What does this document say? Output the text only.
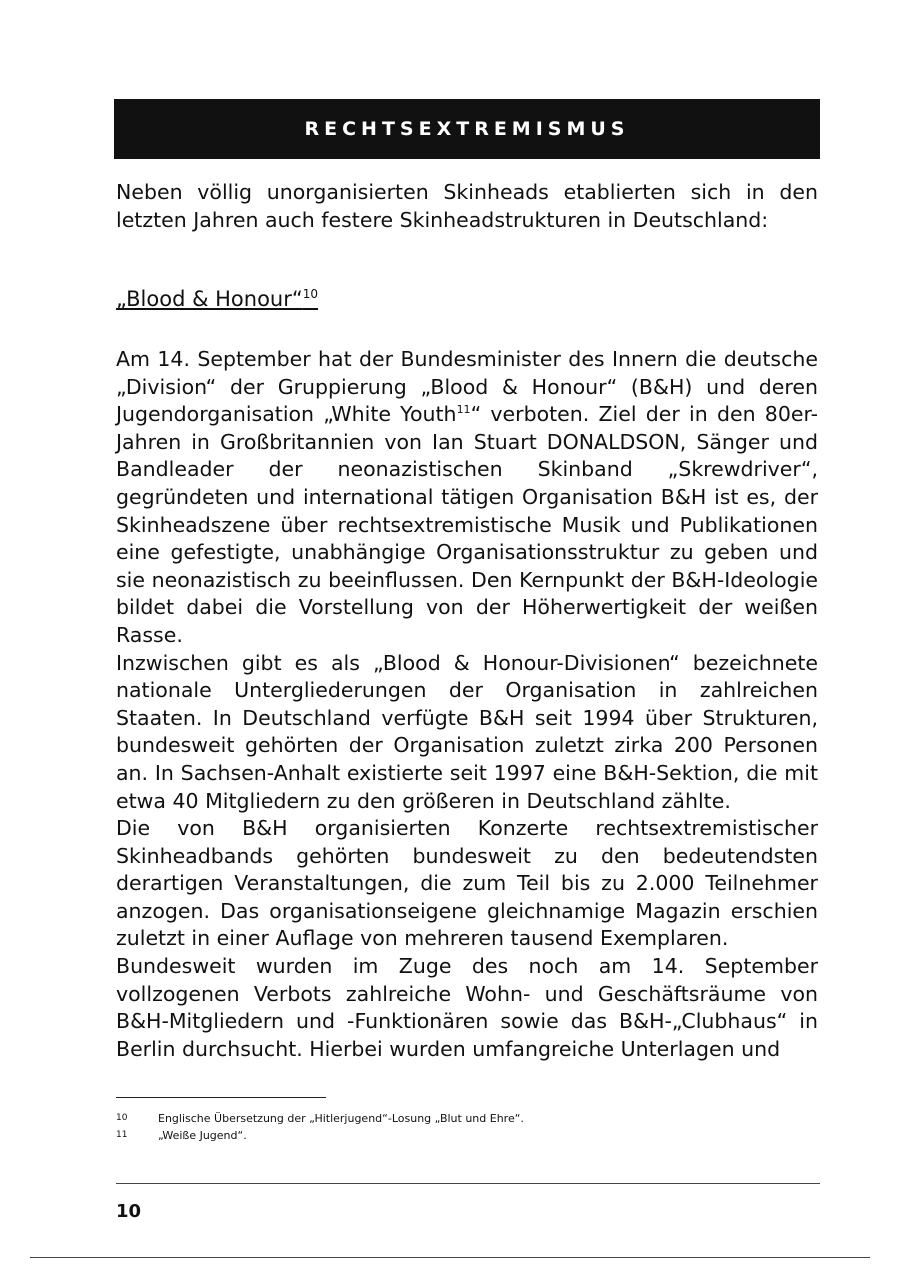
RECHTSEXTREMISMUS

Neben völlig unorganisierten Skinheads etablierten sich in den letzten Jahren auch festere Skinheadstrukturen in Deutschland:

„Blood & Honour“$^{10}$
Am 14. September hat der Bundesminister des Innern die deutsche „Division“ der Gruppierung „Blood & Honour“ (B&H) und deren Jugendorganisation „White Youth$^{11}$“ verboten. Ziel der in den 80er-Jahren in Großbritannien von Ian Stuart DONALDSON, Sänger und Bandleader der neonazistischen Skinband „Skrewdriver“, gegründeten und international tätigen Organisation B&H ist es, der Skinheadszene über rechtsextremistische Musik und Publikationen eine gefestigte, unabhängige Organisationsstruktur zu geben und sie neonazistisch zu beeinflussen. Den Kernpunkt der B&H-Ideologie bildet dabei die Vorstellung von der Höherwertigkeit der weißen Rasse.
Inzwischen gibt es als „Blood & Honour-Divisionen“ bezeichnete nationale Untergliederungen der Organisation in zahlreichen Staaten. In Deutschland verfügte B&H seit 1994 über Strukturen, bundesweit gehörten der Organisation zuletzt zirka 200 Personen an. In Sachsen-Anhalt existierte seit 1997 eine B&H-Sektion, die mit etwa 40 Mitgliedern zu den größeren in Deutschland zählte.
Die von B&H organisierten Konzerte rechtsextremistischer Skinheadbands gehörten bundesweit zu den bedeutendsten derartigen Veranstaltungen, die zum Teil bis zu 2.000 Teilnehmer anzogen. Das organisationseigene gleichnamige Magazin erschien zuletzt in einer Auflage von mehreren tausend Exemplaren.
Bundesweit wurden im Zuge des noch am 14. September vollzogenen Verbots zahlreiche Wohn- und Geschäftsräume von B&H-Mitgliedern und -Funktionären sowie das B&H-„Clubhaus“ in Berlin durchsucht. Hierbei wurden umfangreiche Unterlagen und
10	Englische Übersetzung der „Hitlerjugend“-Losung „Blut und Ehre“.
11	„Weiße Jugend“.
10
